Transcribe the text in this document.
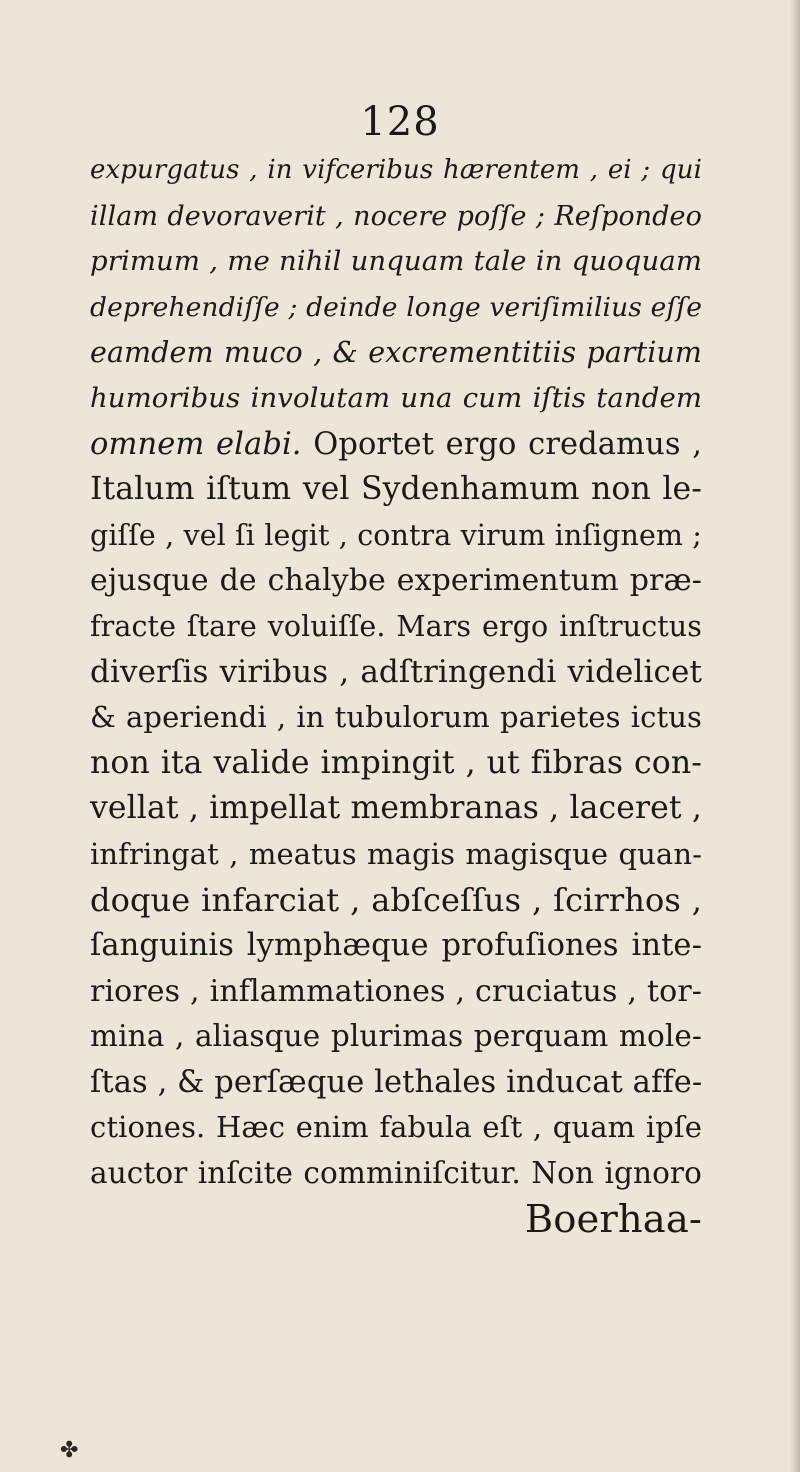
128
expurgatus , in vifceribus hærentem , ei ; qui
illam devoraverit , nocere poſſe ; Reſpondeo
primum , me nihil unquam tale in quoquam
deprehendiſſe ; deinde longe veriſimilius eſſe
eamdem muco , & excrementitiis partium
humoribus involutam una cum iſtis tandem
omnem elabi. Oportet ergo credamus ,
Italum iſtum vel Sydenhamum non le-
giſſe , vel ſi legit , contra virum inſignem ;
ejusque de chalybe experimentum præ-
fracte ſtare voluiſſe. Mars ergo inſtructus
diverſis viribus , adſtringendi videlicet
& aperiendi , in tubulorum parietes ictus
non ita valide impingit , ut fibras con-
vellat , impellat membranas , laceret ,
infringat , meatus magis magisque quan-
doque infarciat , abſceſſus , ſcirrhos ,
ſanguinis lymphæque profuſiones inte-
riores , inflammationes , cruciatus , tor-
mina , aliasque plurimas perquam mole-
ſtas , & perſæque lethales inducat affe-
ctiones. Hæc enim fabula eſt , quam ipſe
auctor inſcite comminiſcitur. Non ignoro
Boerhaa-
✤
